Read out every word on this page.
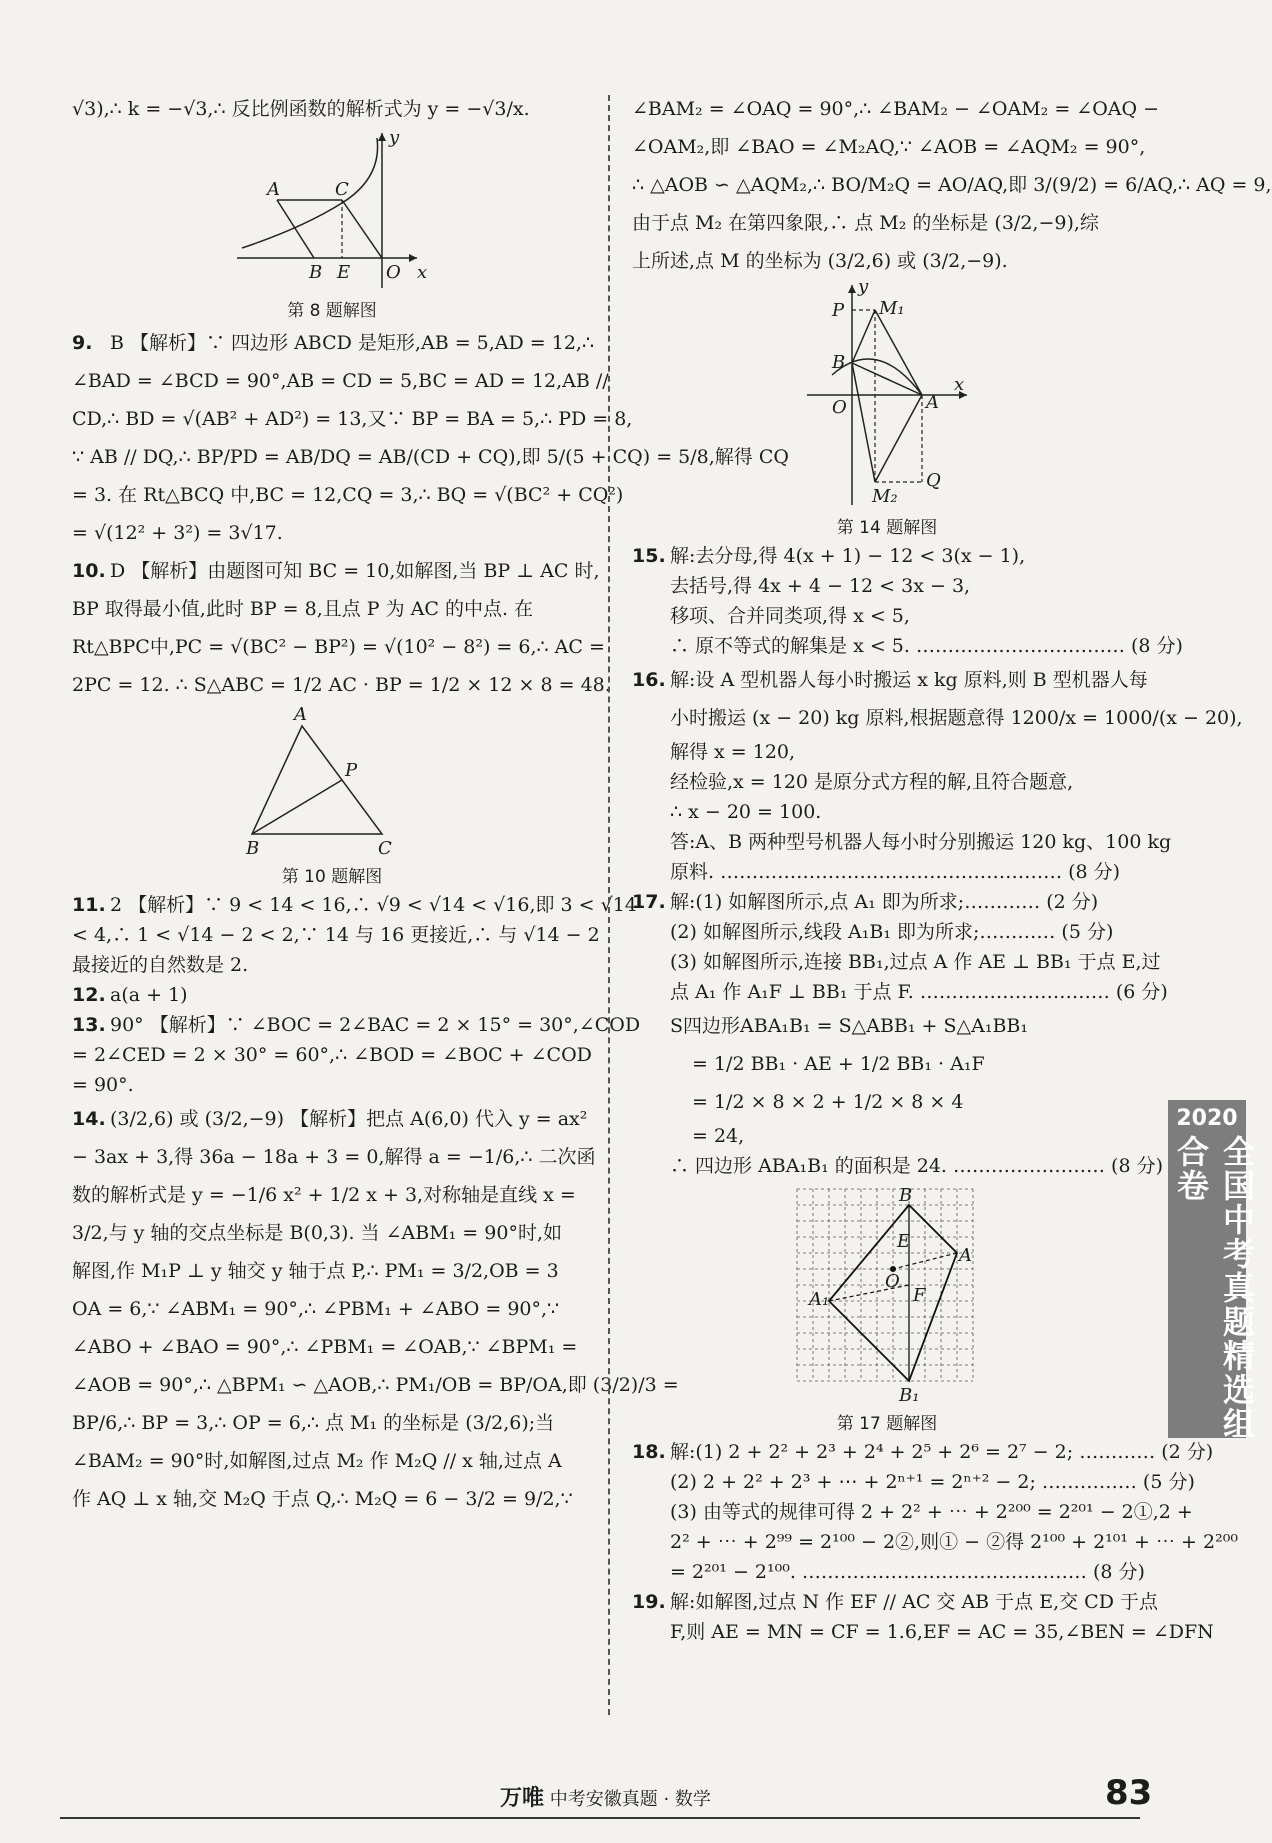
√3),∴ k = −√3,∴ 反比例函数的解析式为 y = −√3/x.
y
A	C
B E O x
第 8 题解图
9. B 【解析】∵ 四边形 ABCD 是矩形,AB = 5,AD = 12,∴
∠BAD = ∠BCD = 90°,AB = CD = 5,BC = AD = 12,AB //
CD,∴ BD = √(AB² + AD²) = 13,又∵ BP = BA = 5,∴ PD = 8,
∵ AB // DQ,∴ BP/PD = AB/DQ = AB/(CD + CQ),即 5/(5 + CQ) = 5/8,解得 CQ
= 3. 在 Rt△BCQ 中,BC = 12,CQ = 3,∴ BQ = √(BC² + CQ²)
= √(12² + 3²) = 3√17.
10. D 【解析】由题图可知 BC = 10,如解图,当 BP ⊥ AC 时,
BP 取得最小值,此时 BP = 8,且点 P 为 AC 的中点. 在
Rt△BPC中,PC = √(BC² − BP²) = √(10² − 8²) = 6,∴ AC =
2PC = 12. ∴ S△ABC = 1/2 AC · BP = 1/2 × 12 × 8 = 48.
A
P
B	C
第 10 题解图
11. 2 【解析】∵ 9 < 14 < 16,∴ √9 < √14 < √16,即 3 < √14
< 4,∴ 1 < √14 − 2 < 2,∵ 14 与 16 更接近,∴ 与 √14 − 2
最接近的自然数是 2.
12. a(a + 1)
13. 90° 【解析】∵ ∠BOC = 2∠BAC = 2 × 15° = 30°,∠COD
= 2∠CED = 2 × 30° = 60°,∴ ∠BOD = ∠BOC + ∠COD
= 90°.
14. (3/2,6) 或 (3/2,−9) 【解析】把点 A(6,0) 代入 y = ax²
− 3ax + 3,得 36a − 18a + 3 = 0,解得 a = −1/6,∴ 二次函
数的解析式是 y = −1/6 x² + 1/2 x + 3,对称轴是直线 x =
3/2,与 y 轴的交点坐标是 B(0,3). 当 ∠ABM₁ = 90°时,如
解图,作 M₁P ⊥ y 轴交 y 轴于点 P,∴ PM₁ = 3/2,OB = 3
OA = 6,∵ ∠ABM₁ = 90°,∴ ∠PBM₁ + ∠ABO = 90°,∵
∠ABO + ∠BAO = 90°,∴ ∠PBM₁ = ∠OAB,∵ ∠BPM₁ =
∠AOB = 90°,∴ △BPM₁ ∽ △AOB,∴ PM₁/OB = BP/OA,即 (3/2)/3 =
BP/6,∴ BP = 3,∴ OP = 6,∴ 点 M₁ 的坐标是 (3/2,6);当
∠BAM₂ = 90°时,如解图,过点 M₂ 作 M₂Q // x 轴,过点 A
作 AQ ⊥ x 轴,交 M₂Q 于点 Q,∴ M₂Q = 6 − 3/2 = 9/2,∵
∠BAM₂ = ∠OAQ = 90°,∴ ∠BAM₂ − ∠OAM₂ = ∠OAQ −
∠OAM₂,即 ∠BAO = ∠M₂AQ,∵ ∠AOB = ∠AQM₂ = 90°,
∴ △AOB ∽ △AQM₂,∴ BO/M₂Q = AO/AQ,即 3/(9/2) = 6/AQ,∴ AQ = 9,
由于点 M₂ 在第四象限,∴ 点 M₂ 的坐标是 (3/2,−9),综
上所述,点 M 的坐标为 (3/2,6) 或 (3/2,−9).
y
P M₁
B
O	A
x
M₂
Q
第 14 题解图
15. 解:去分母,得 4(x + 1) − 12 < 3(x − 1),
去括号,得 4x + 4 − 12 < 3x − 3,
移项、合并同类项,得 x < 5,
∴ 原不等式的解集是 x < 5. …………………………… (8 分)
16. 解:设 A 型机器人每小时搬运 x kg 原料,则 B 型机器人每
小时搬运 (x − 20) kg 原料,根据题意得 1200/x = 1000/(x − 20),
解得 x = 120,
经检验,x = 120 是原分式方程的解,且符合题意,
∴ x − 20 = 100.
答:A、B 两种型号机器人每小时分别搬运 120 kg、100 kg
原料. ……………………………………………… (8 分)
17. 解:(1) 如解图所示,点 A₁ 即为所求;………… (2 分)
(2) 如解图所示,线段 A₁B₁ 即为所求;………… (5 分)
(3) 如解图所示,连接 BB₁,过点 A 作 AE ⊥ BB₁ 于点 E,过
点 A₁ 作 A₁F ⊥ BB₁ 于点 F. ………………………… (6 分)
S四边形ABA₁B₁ = S△ABB₁ + S△A₁BB₁
= 1/2 BB₁ · AE + 1/2 BB₁ · A₁F
= 1/2 × 8 × 2 + 1/2 × 8 × 4
= 24,
∴ 四边形 ABA₁B₁ 的面积是 24. …………………… (8 分)
B
E
A
O
A₁	F
B₁
第 17 题解图
18. 解:(1) 2 + 2² + 2³ + 2⁴ + 2⁵ + 2⁶ = 2⁷ − 2; ………… (2 分)
(2) 2 + 2² + 2³ + ⋯ + 2ⁿ⁺¹ = 2ⁿ⁺² − 2; …………… (5 分)
(3) 由等式的规律可得 2 + 2² + ⋯ + 2²⁰⁰ = 2²⁰¹ − 2①,2 +
2² + ⋯ + 2⁹⁹ = 2¹⁰⁰ − 2②,则① − ②得 2¹⁰⁰ + 2¹⁰¹ + ⋯ + 2²⁰⁰
= 2²⁰¹ − 2¹⁰⁰. ……………………………………… (8 分)
19. 解:如解图,过点 N 作 EF // AC 交 AB 于点 E,交 CD 于点
F,则 AE = MN = CF = 1.6,EF = AC = 35,∠BEN = ∠DFN
2020
全国中考真题精选组合卷
万唯 中考安徽真题 · 数学	83
